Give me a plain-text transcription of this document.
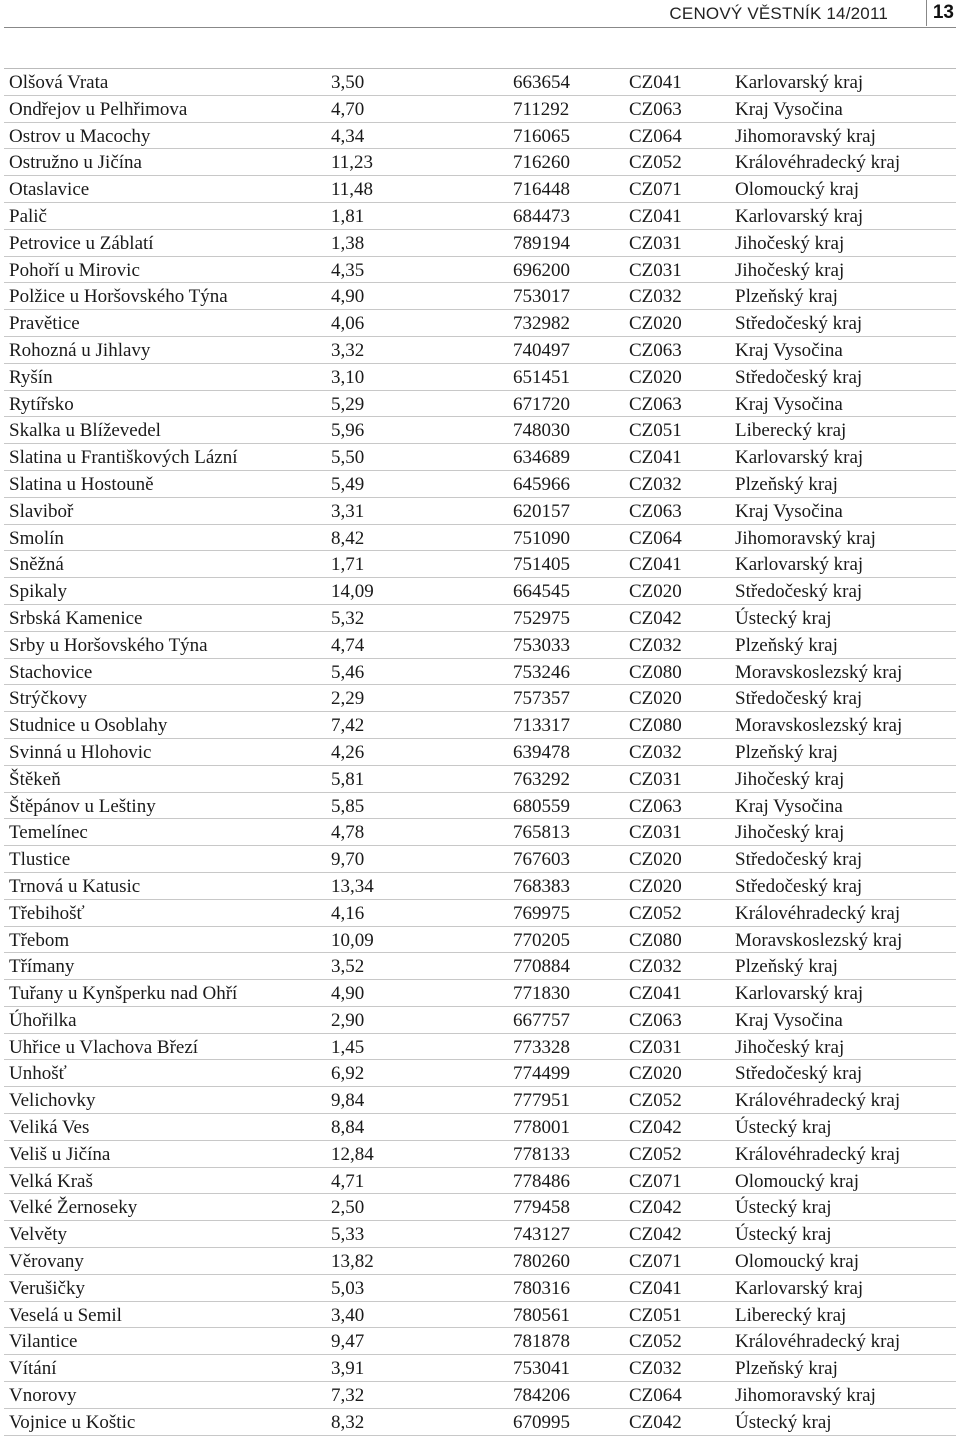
CENOVÝ VĚSTNÍK 14/2011 13
Olšová Vrata	3,50	663654	CZ041	Karlovarský kraj
Ondřejov u Pelhřimova	4,70	711292	CZ063	Kraj Vysočina
Ostrov u Macochy	4,34	716065	CZ064	Jihomoravský kraj
Ostružno u Jičína	11,23	716260	CZ052	Královéhradecký kraj
Otaslavice	11,48	716448	CZ071	Olomoucký kraj
Palič	1,81	684473	CZ041	Karlovarský kraj
Petrovice u Záblatí	1,38	789194	CZ031	Jihočeský kraj
Pohoří u Mirovic	4,35	696200	CZ031	Jihočeský kraj
Polžice u Horšovského Týna	4,90	753017	CZ032	Plzeňský kraj
Pravětice	4,06	732982	CZ020	Středočeský kraj
Rohozná u Jihlavy	3,32	740497	CZ063	Kraj Vysočina
Ryšín	3,10	651451	CZ020	Středočeský kraj
Rytířsko	5,29	671720	CZ063	Kraj Vysočina
Skalka u Blíževedel	5,96	748030	CZ051	Liberecký kraj
Slatina u Františkových Lázní	5,50	634689	CZ041	Karlovarský kraj
Slatina u Hostouně	5,49	645966	CZ032	Plzeňský kraj
Slaviboř	3,31	620157	CZ063	Kraj Vysočina
Smolín	8,42	751090	CZ064	Jihomoravský kraj
Sněžná	1,71	751405	CZ041	Karlovarský kraj
Spikaly	14,09	664545	CZ020	Středočeský kraj
Srbská Kamenice	5,32	752975	CZ042	Ústecký kraj
Srby u Horšovského Týna	4,74	753033	CZ032	Plzeňský kraj
Stachovice	5,46	753246	CZ080	Moravskoslezský kraj
Strýčkovy	2,29	757357	CZ020	Středočeský kraj
Studnice u Osoblahy	7,42	713317	CZ080	Moravskoslezský kraj
Svinná u Hlohovic	4,26	639478	CZ032	Plzeňský kraj
Štěkeň	5,81	763292	CZ031	Jihočeský kraj
Štěpánov u Leštiny	5,85	680559	CZ063	Kraj Vysočina
Temelínec	4,78	765813	CZ031	Jihočeský kraj
Tlustice	9,70	767603	CZ020	Středočeský kraj
Trnová u Katusic	13,34	768383	CZ020	Středočeský kraj
Třebihošť	4,16	769975	CZ052	Královéhradecký kraj
Třebom	10,09	770205	CZ080	Moravskoslezský kraj
Třímany	3,52	770884	CZ032	Plzeňský kraj
Tuřany u Kynšperku nad Ohří	4,90	771830	CZ041	Karlovarský kraj
Úhořilka	2,90	667757	CZ063	Kraj Vysočina
Uhřice u Vlachova Březí	1,45	773328	CZ031	Jihočeský kraj
Unhošť	6,92	774499	CZ020	Středočeský kraj
Velichovky	9,84	777951	CZ052	Královéhradecký kraj
Veliká Ves	8,84	778001	CZ042	Ústecký kraj
Veliš u Jičína	12,84	778133	CZ052	Královéhradecký kraj
Velká Kraš	4,71	778486	CZ071	Olomoucký kraj
Velké Žernoseky	2,50	779458	CZ042	Ústecký kraj
Velvěty	5,33	743127	CZ042	Ústecký kraj
Věrovany	13,82	780260	CZ071	Olomoucký kraj
Verušičky	5,03	780316	CZ041	Karlovarský kraj
Veselá u Semil	3,40	780561	CZ051	Liberecký kraj
Vilantice	9,47	781878	CZ052	Královéhradecký kraj
Vítání	3,91	753041	CZ032	Plzeňský kraj
Vnorovy	7,32	784206	CZ064	Jihomoravský kraj
Vojnice u Koštic	8,32	670995	CZ042	Ústecký kraj
